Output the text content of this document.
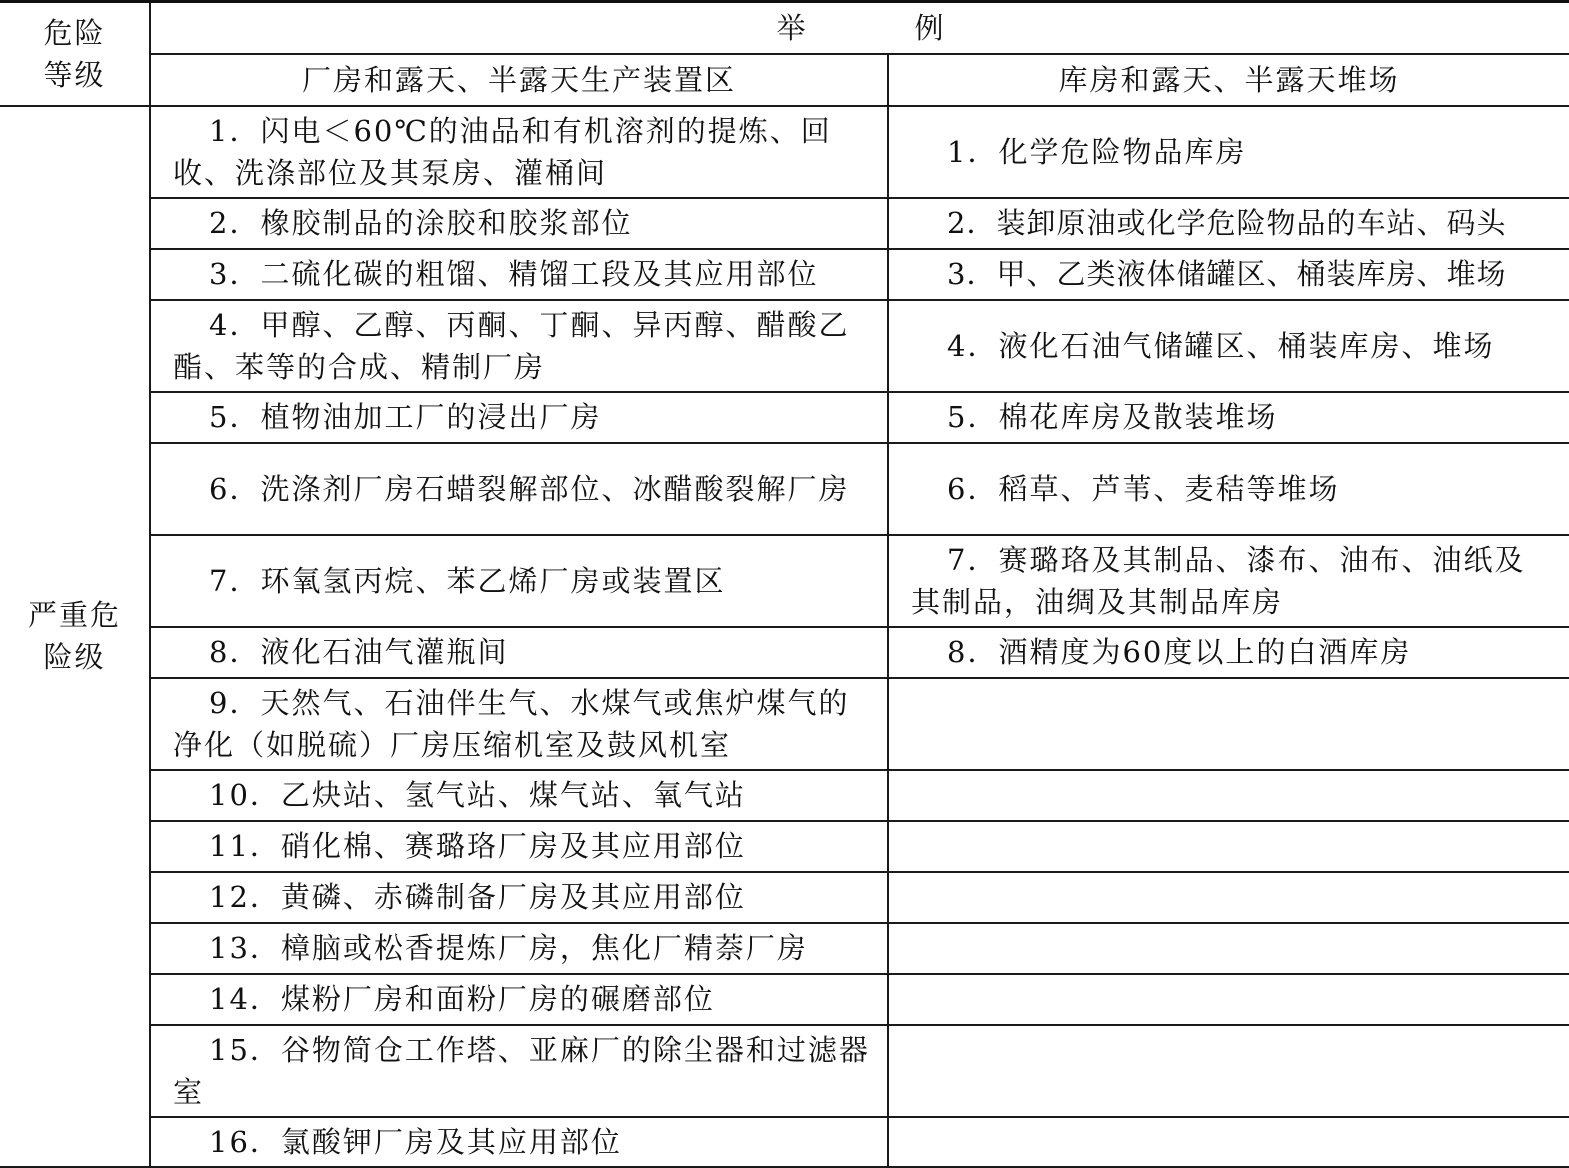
危险等级	举　例	
	厂房和露天、半露天生产装置区	库房和露天、半露天堆场

严重危险级	1．闪电＜60℃的油品和有机溶剂的提炼、回收、洗涤部位及其泵房、灌桶间	1．化学危险物品库房

	2．橡胶制品的涂胶和胶浆部位	2．装卸原油或化学危险物品的车站、码头

	3．二硫化碳的粗馏、精馏工段及其应用部位	3．甲、乙类液体储罐区、桶装库房、堆场

	4．甲醇、乙醇、丙酮、丁酮、异丙醇、醋酸乙酯、苯等的合成、精制厂房	4．液化石油气储罐区、桶装库房、堆场

	5．植物油加工厂的浸出厂房	5．棉花库房及散装堆场

	6．洗涤剂厂房石蜡裂解部位、冰醋酸裂解厂房	6．稻草、芦苇、麦秸等堆场

	7．环氧氢丙烷、苯乙烯厂房或装置区	7．赛璐珞及其制品、漆布、油布、油纸及其制品，油绸及其制品库房

	8．液化石油气灌瓶间	8．酒精度为60度以上的白酒库房

	9．天然气、石油伴生气、水煤气或焦炉煤气的净化（如脱硫）厂房压缩机室及鼓风机室	

	10．乙炔站、氢气站、煤气站、氧气站	

	11．硝化棉、赛璐珞厂房及其应用部位	

	12．黄磷、赤磷制备厂房及其应用部位	

	13．樟脑或松香提炼厂房，焦化厂精萘厂房	

	14．煤粉厂房和面粉厂房的碾磨部位	

	15．谷物简仓工作塔、亚麻厂的除尘器和过滤器室	

	16．氯酸钾厂房及其应用部位	
